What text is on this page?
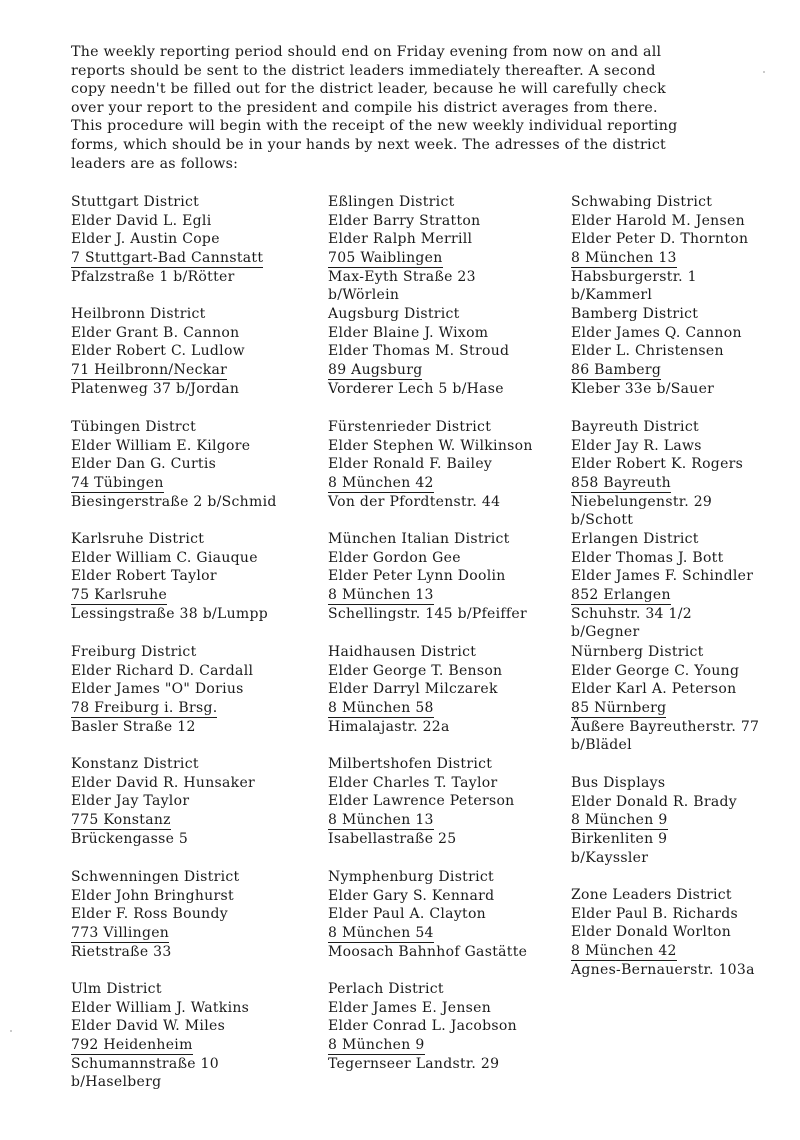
The weekly reporting period should end on Friday evening from now on and all
reports should be sent to the district leaders immediately thereafter. A second
copy needn't be filled out for the district leader, because he will carefully check
over your report to the president and compile his district averages from there.
This procedure will begin with the receipt of the new weekly individual reporting
forms, which should be in your hands by next week. The adresses of the district
leaders are as follows:
Stuttgart District
Elder David L. Egli
Elder J. Austin Cope
7 Stuttgart-Bad Cannstatt
Pfalzstraße 1 b/Rötter
Heilbronn District
Elder Grant B. Cannon
Elder Robert C. Ludlow
71 Heilbronn/Neckar
Platenweg 37 b/Jordan
Tübingen Distrct
Elder William E. Kilgore
Elder Dan G. Curtis
74 Tübingen
Biesingerstraße 2 b/Schmid
Karlsruhe District
Elder William C. Giauque
Elder Robert Taylor
75 Karlsruhe
Lessingstraße 38 b/Lumpp
Freiburg District
Elder Richard D. Cardall
Elder James "O" Dorius
78 Freiburg i. Brsg.
Basler Straße 12
Konstanz District
Elder David R. Hunsaker
Elder Jay Taylor
775 Konstanz
Brückengasse 5
Schwenningen District
Elder John Bringhurst
Elder F. Ross Boundy
773 Villingen
Rietstraße 33
Ulm District
Elder William J. Watkins
Elder David W. Miles
792 Heidenheim
Schumannstraße 10
b/Haselberg
Eßlingen District
Elder Barry Stratton
Elder Ralph Merrill
705 Waiblingen
Max-Eyth Straße 23
b/Wörlein
Augsburg District
Elder Blaine J. Wixom
Elder Thomas M. Stroud
89 Augsburg
Vorderer Lech 5 b/Hase
Fürstenrieder District
Elder Stephen W. Wilkinson
Elder Ronald F. Bailey
8 München 42
Von der Pfordtenstr. 44
München Italian District
Elder Gordon Gee
Elder Peter Lynn Doolin
8 München 13
Schellingstr. 145 b/Pfeiffer
Haidhausen District
Elder George T. Benson
Elder Darryl Milczarek
8 München 58
Himalajastr. 22a
Milbertshofen District
Elder Charles T. Taylor
Elder Lawrence Peterson
8 München 13
Isabellastraße 25
Nymphenburg District
Elder Gary S. Kennard
Elder Paul A. Clayton
8 München 54
Moosach Bahnhof Gastätte
Perlach District
Elder James E. Jensen
Elder Conrad L. Jacobson
8 München 9
Tegernseer Landstr. 29
Schwabing District
Elder Harold M. Jensen
Elder Peter D. Thornton
8 München 13
Habsburgerstr. 1
b/Kammerl
Bamberg District
Elder James Q. Cannon
Elder L. Christensen
86 Bamberg
Kleber 33e b/Sauer
Bayreuth District
Elder Jay R. Laws
Elder Robert K. Rogers
858 Bayreuth
Niebelungenstr. 29
b/Schott
Erlangen District
Elder Thomas J. Bott
Elder James F. Schindler
852 Erlangen
Schuhstr. 34 1/2
b/Gegner
Nürnberg District
Elder George C. Young
Elder Karl A. Peterson
85 Nürnberg
Äußere Bayreutherstr. 77
b/Blädel
Bus Displays
Elder Donald R. Brady
8 München 9
Birkenliten 9
b/Kayssler
Zone Leaders District
Elder Paul B. Richards
Elder Donald Worlton
8 München 42
Agnes-Bernauerstr. 103a
